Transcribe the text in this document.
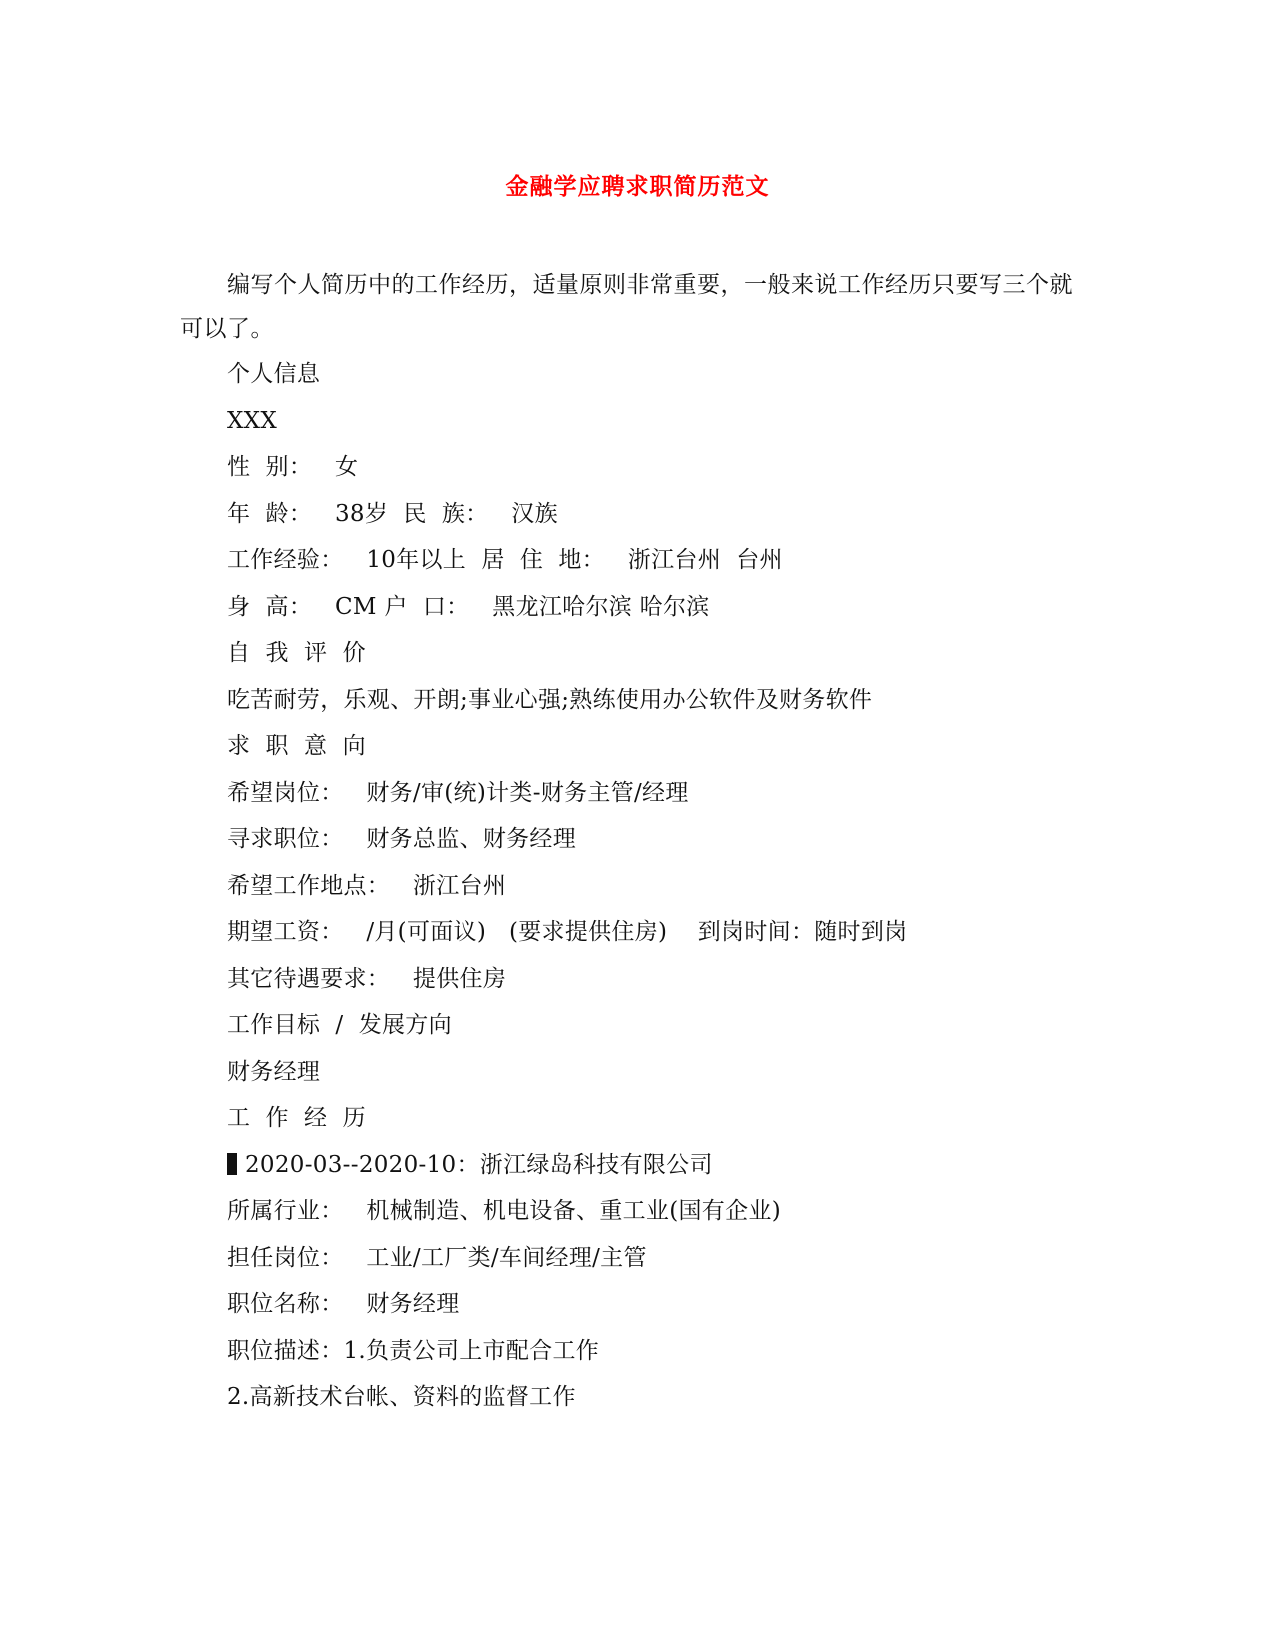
金融学应聘求职简历范文
编写个人简历中的工作经历，适量原则非常重要，一般来说工作经历只要写三个就可以了。
个人信息
XXX
性  别：   女
年  龄：   38岁  民  族：   汉族
工作经验：   10年以上  居  住  地：   浙江台州  台州
身  高：   CM 户  口：   黑龙江哈尔滨 哈尔滨
自  我  评  价
吃苦耐劳，乐观、开朗;事业心强;熟练使用办公软件及财务软件
求  职  意  向
希望岗位：   财务/审(统)计类-财务主管/经理
寻求职位：   财务总监、财务经理
希望工作地点：   浙江台州
期望工资：   /月(可面议)   (要求提供住房)    到岗时间：随时到岗
其它待遇要求：   提供住房
工作目标  /  发展方向
财务经理
工  作  经  历
2020-03--2020-10：浙江绿岛科技有限公司
所属行业：   机械制造、机电设备、重工业(国有企业)
担任岗位：   工业/工厂类/车间经理/主管
职位名称：   财务经理
职位描述：1.负责公司上市配合工作
2.高新技术台帐、资料的监督工作
